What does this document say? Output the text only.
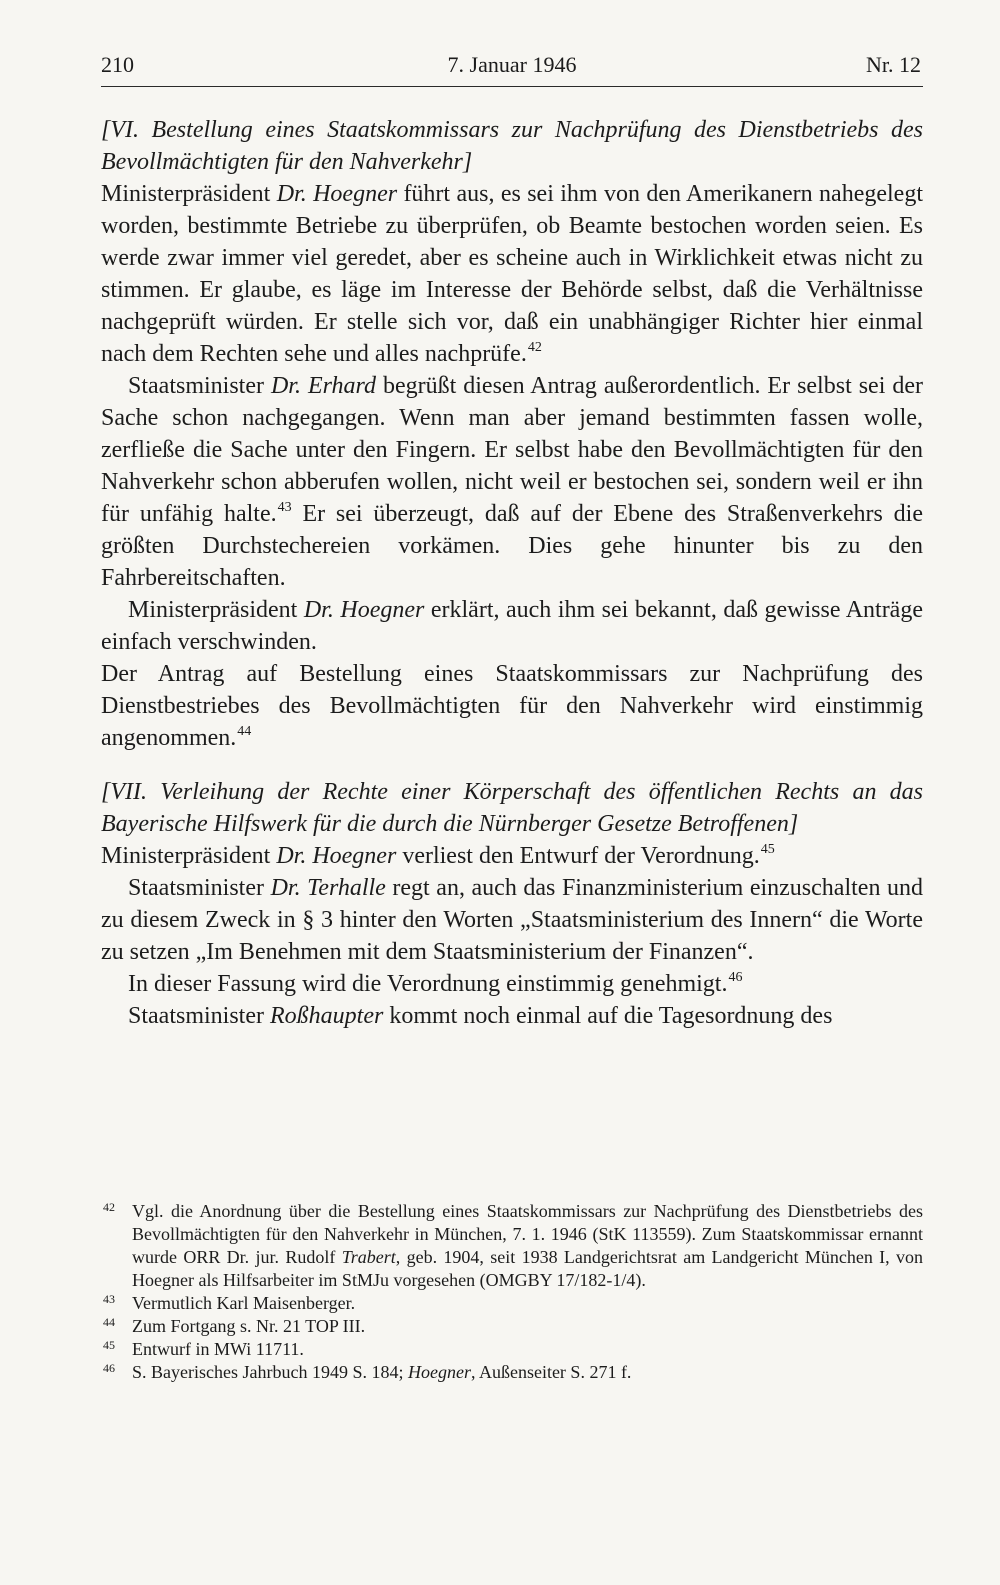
210	7. Januar 1946	Nr. 12

[VI. Bestellung eines Staatskommissars zur Nachprüfung des Dienstbetriebs des Bevollmächtigten für den Nahverkehr]

Ministerpräsident Dr. Hoegner führt aus, es sei ihm von den Amerikanern nahegelegt worden, bestimmte Betriebe zu überprüfen, ob Beamte bestochen worden seien. Es werde zwar immer viel geredet, aber es scheine auch in Wirklichkeit etwas nicht zu stimmen. Er glaube, es läge im Interesse der Behörde selbst, daß die Verhältnisse nachgeprüft würden. Er stelle sich vor, daß ein unabhängiger Richter hier einmal nach dem Rechten sehe und alles nachprüfe.$^{42}$

Staatsminister Dr. Erhard begrüßt diesen Antrag außerordentlich. Er selbst sei der Sache schon nachgegangen. Wenn man aber jemand bestimmten fassen wolle, zerfließe die Sache unter den Fingern. Er selbst habe den Bevollmächtigten für den Nahverkehr schon abberufen wollen, nicht weil er bestochen sei, sondern weil er ihn für unfähig halte.$^{43}$ Er sei überzeugt, daß auf der Ebene des Straßenverkehrs die größten Durchstechereien vorkämen. Dies gehe hinunter bis zu den Fahrbereitschaften.

Ministerpräsident Dr. Hoegner erklärt, auch ihm sei bekannt, daß gewisse Anträge einfach verschwinden.

Der Antrag auf Bestellung eines Staatskommissars zur Nachprüfung des Dienstbestriebes des Bevollmächtigten für den Nahverkehr wird einstimmig angenommen.$^{44}$

[VII. Verleihung der Rechte einer Körperschaft des öffentlichen Rechts an das Bayerische Hilfswerk für die durch die Nürnberger Gesetze Betroffenen]

Ministerpräsident Dr. Hoegner verliest den Entwurf der Verordnung.$^{45}$

Staatsminister Dr. Terhalle regt an, auch das Finanzministerium einzuschalten und zu diesem Zweck in § 3 hinter den Worten „Staatsministerium des Innern“ die Worte zu setzen „Im Benehmen mit dem Staatsministerium der Finanzen“.

In dieser Fassung wird die Verordnung einstimmig genehmigt.$^{46}$

Staatsminister Roßhaupter kommt noch einmal auf die Tagesordnung des

42 Vgl. die Anordnung über die Bestellung eines Staatskommissars zur Nachprüfung des Dienstbetriebs des Bevollmächtigten für den Nahverkehr in München, 7. 1. 1946 (StK 113559). Zum Staatskommissar ernannt wurde ORR Dr. jur. Rudolf Trabert, geb. 1904, seit 1938 Landgerichtsrat am Landgericht München I, von Hoegner als Hilfsarbeiter im StMJu vorgesehen (OMGBY 17/182-1/4).

43 Vermutlich Karl Maisenberger.

44 Zum Fortgang s. Nr. 21 TOP III.

45 Entwurf in MWi 11711.

46 S. Bayerisches Jahrbuch 1949 S. 184; Hoegner, Außenseiter S. 271 f.
